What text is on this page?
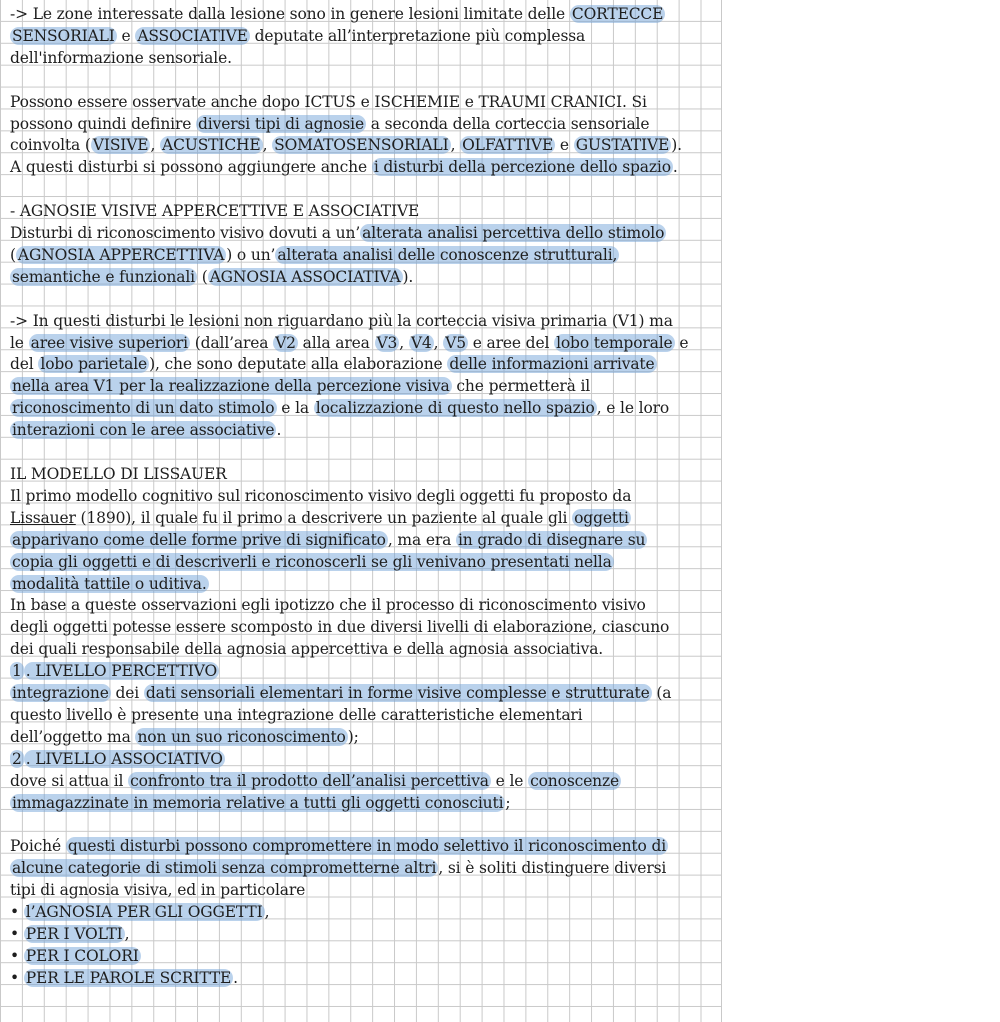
-> Le zone interessate dalla lesione sono in genere lesioni limitate delle CORTECCE
SENSORIALI e ASSOCIATIVE deputate all’interpretazione più complessa
dell'informazione sensoriale.
Possono essere osservate anche dopo ICTUS e ISCHEMIE e TRAUMI CRANICI. Si
possono quindi definire diversi tipi di agnosie a seconda della corteccia sensoriale
coinvolta ( VISIVE , ACUSTICHE , SOMATOSENSORIALI , OLFATTIVE e GUSTATIVE ).
A questi disturbi si possono aggiungere anche i disturbi della percezione dello spazio .
- AGNOSIE VISIVE APPERCETTIVE E ASSOCIATIVE
Disturbi di riconoscimento visivo dovuti a un’ alterata analisi percettiva dello stimolo
( AGNOSIA APPERCETTIVA ) o un’ alterata analisi delle conoscenze strutturali,
semantiche e funzionali ( AGNOSIA ASSOCIATIVA ).
-> In questi disturbi le lesioni non riguardano più la corteccia visiva primaria (V1) ma
le aree visive superiori (dall’area V2 alla area V3 , V4 , V5 e aree del lobo temporale e
del lobo parietale ), che sono deputate alla elaborazione delle informazioni arrivate
nella area V1 per la realizzazione della percezione visiva che permetterà il
riconoscimento di un dato stimolo e la localizzazione di questo nello spazio , e le loro
interazioni con le aree associative .
IL MODELLO DI LISSAUER
Il primo modello cognitivo sul riconoscimento visivo degli oggetti fu proposto da
Lissauer (1890), il quale fu il primo a descrivere un paziente al quale gli oggetti
apparivano come delle forme prive di significato , ma era in grado di disegnare su
copia gli oggetti e di descriverli e riconoscerli se gli venivano presentati nella
modalità tattile o uditiva.
In base a queste osservazioni egli ipotizzo che il processo di riconoscimento visivo
degli oggetti potesse essere scomposto in due diversi livelli di elaborazione, ciascuno
dei quali responsabile della agnosia appercettiva e della agnosia associativa.
1 . LIVELLO PERCETTIVO
integrazione dei dati sensoriali elementari in forme visive complesse e strutturate (a
questo livello è presente una integrazione delle caratteristiche elementari
dell’oggetto ma non un suo riconoscimento );
2 . LIVELLO ASSOCIATIVO
dove si attua il confronto tra il prodotto dell’analisi percettiva e le conoscenze
immagazzinate in memoria relative a tutti gli oggetti conosciuti ;
Poiché questi disturbi possono compromettere in modo selettivo il riconoscimento di
alcune categorie di stimoli senza comprometterne altri , si è soliti distinguere diversi
tipi di agnosia visiva, ed in particolare
• l’AGNOSIA PER GLI OGGETTI ,
• PER I VOLTI ,
• PER I COLORI
• PER LE PAROLE SCRITTE .
